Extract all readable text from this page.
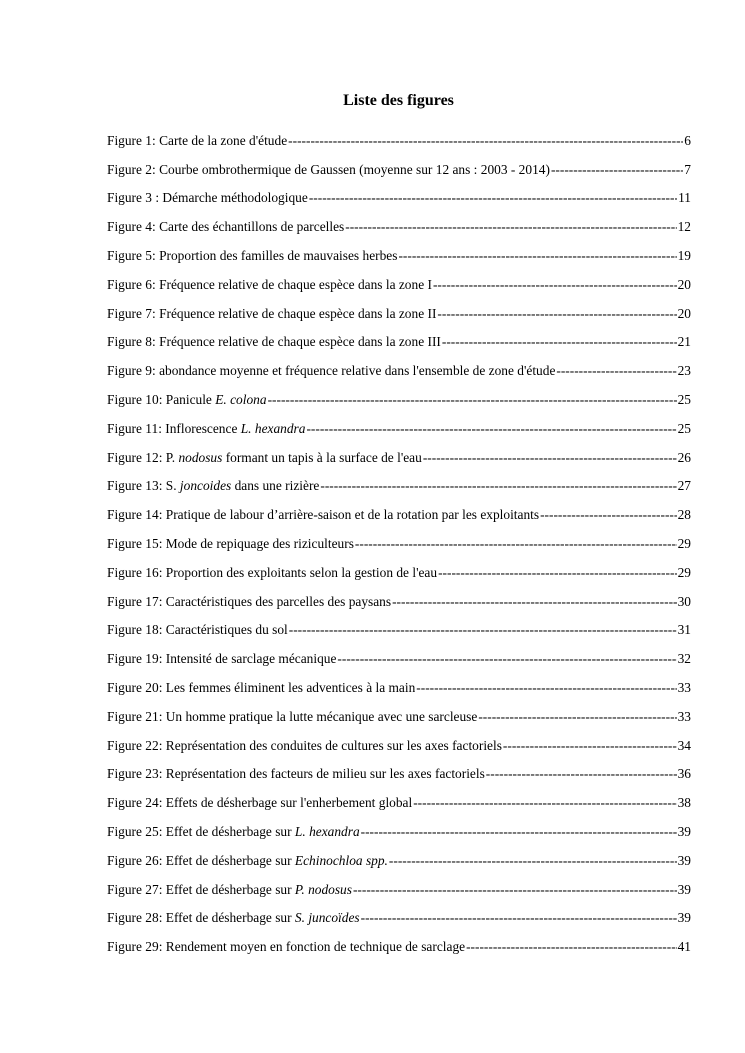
Liste des figures
Figure 1: Carte de la zone d'étude -----	6
Figure 2: Courbe ombrothermique de Gaussen (moyenne sur 12 ans : 2003 - 2014) -----	7
Figure 3 : Démarche méthodologique -----	11
Figure 4: Carte des échantillons de parcelles -----	12
Figure 5: Proportion des familles de mauvaises herbes -----	19
Figure 6: Fréquence relative de chaque espèce dans la zone I -----	20
Figure 7: Fréquence relative de chaque espèce dans la zone II -----	20
Figure 8: Fréquence relative de chaque espèce dans la zone III -----	21
Figure 9: abondance moyenne et fréquence relative dans l'ensemble de zone d'étude -----	23
Figure 10: Panicule E. colona -----	25
Figure 11: Inflorescence L. hexandra -----	25
Figure 12: P. nodosus formant un tapis à la surface de l'eau -----	26
Figure 13: S. joncoides dans une rizière -----	27
Figure 14: Pratique de labour d’arrière-saison et de la rotation par les exploitants -----	28
Figure 15: Mode de repiquage des riziculteurs -----	29
Figure 16: Proportion des exploitants selon la gestion de l'eau -----	29
Figure 17: Caractéristiques des parcelles des paysans -----	30
Figure 18: Caractéristiques du sol -----	31
Figure 19: Intensité de sarclage mécanique -----	32
Figure 20: Les femmes éliminent les adventices à la main -----	33
Figure 21: Un homme pratique la lutte mécanique avec une sarcleuse -----	33
Figure 22: Représentation des conduites de cultures sur les axes factoriels -----	34
Figure 23: Représentation des facteurs de milieu sur les axes factoriels -----	36
Figure 24: Effets de désherbage sur l'enherbement global -----	38
Figure 25: Effet de désherbage sur L. hexandra -----	39
Figure 26: Effet de désherbage sur Echinochloa spp. -----	39
Figure 27: Effet de désherbage sur P. nodosus -----	39
Figure 28: Effet de désherbage sur S. juncoïdes -----	39
Figure 29: Rendement moyen en fonction de technique de sarclage -----	41
